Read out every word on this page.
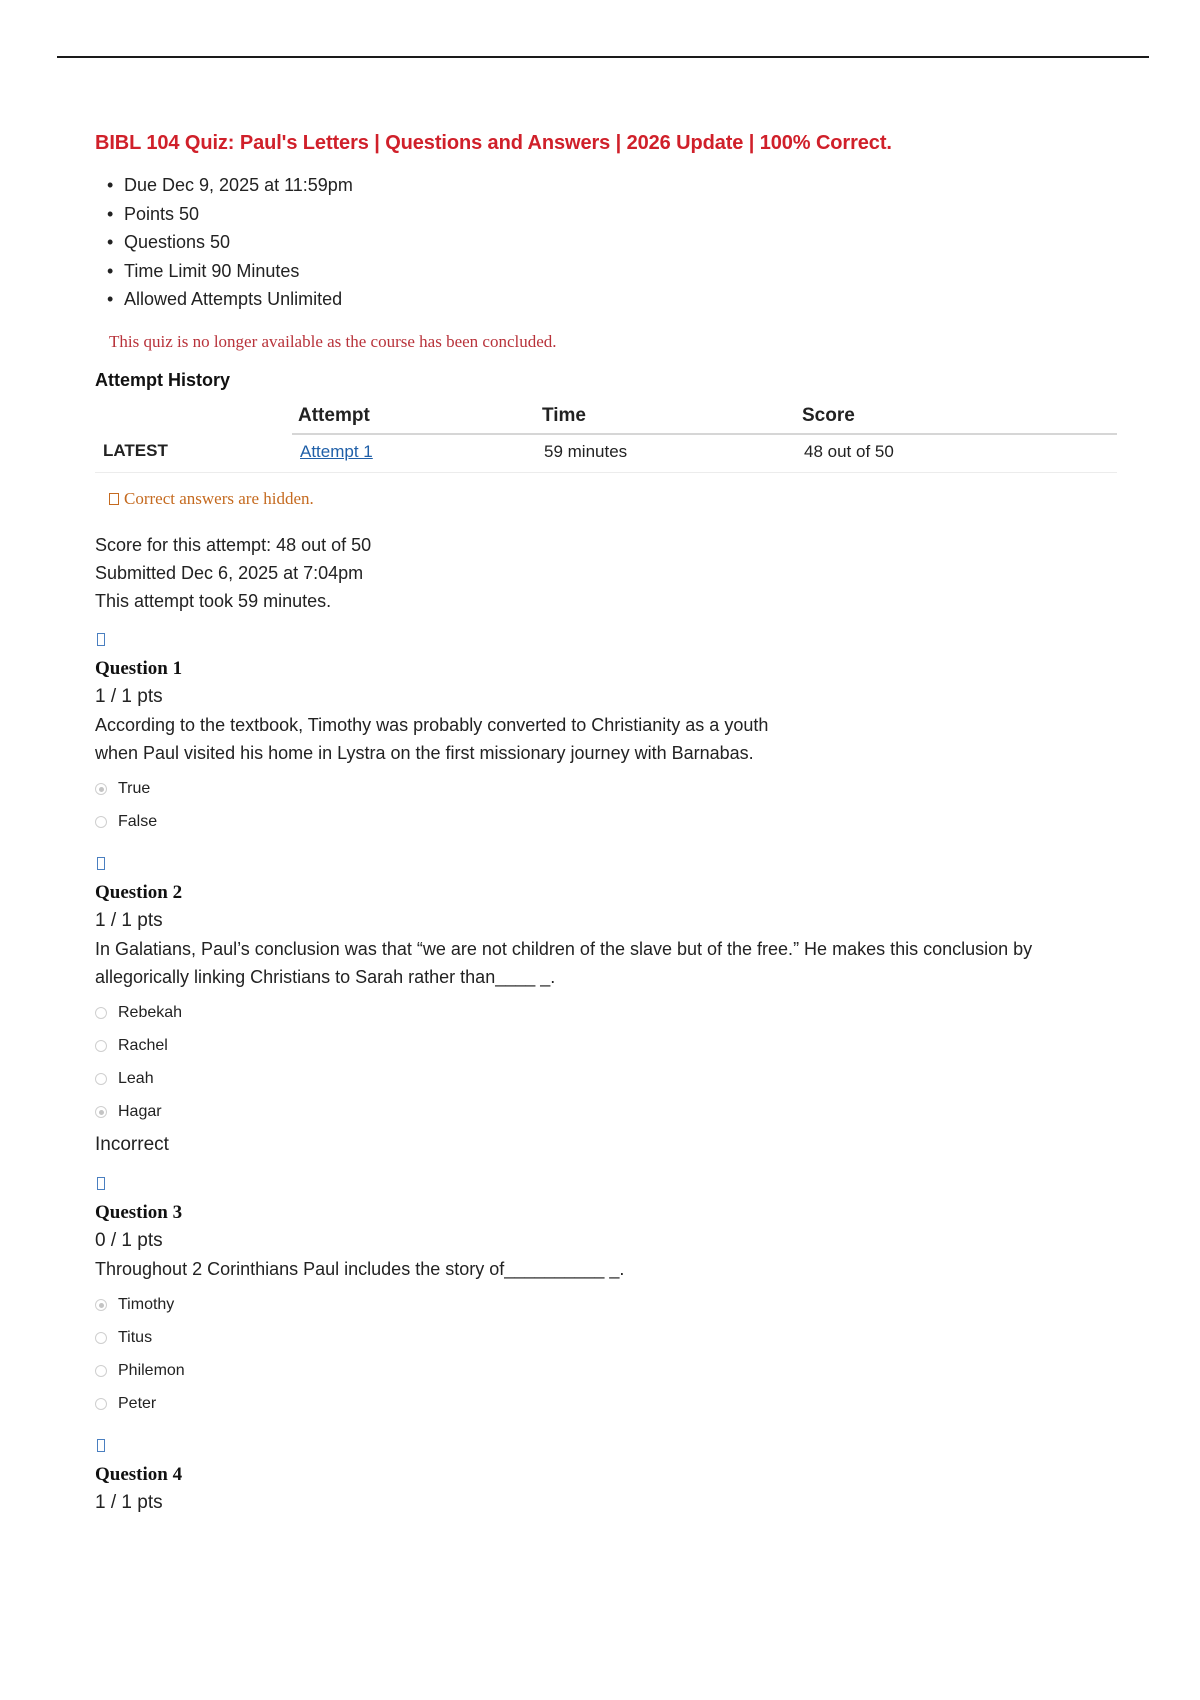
BIBL 104 Quiz: Paul's Letters | Questions and Answers | 2026 Update | 100% Correct.
• Due Dec 9, 2025 at 11:59pm
• Points 50
• Questions 50
• Time Limit 90 Minutes
• Allowed Attempts Unlimited
This quiz is no longer available as the course has been concluded.
Attempt History
	Attempt	Time	Score
LATEST	Attempt 1	59 minutes	48 out of 50
Correct answers are hidden.
Score for this attempt: 48 out of 50
Submitted Dec 6, 2025 at 7:04pm
This attempt took 59 minutes.
Question 1
1 / 1 pts
According to the textbook, Timothy was probably converted to Christianity as a youth when Paul visited his home in Lystra on the first missionary journey with Barnabas.
True
False
Question 2
1 / 1 pts
In Galatians, Paul’s conclusion was that “we are not children of the slave but of the free.” He makes this conclusion by allegorically linking Christians to Sarah rather than____ _.
Rebekah
Rachel
Leah
Hagar
Incorrect
Question 3
0 / 1 pts
Throughout 2 Corinthians Paul includes the story of__________ _.
Timothy
Titus
Philemon
Peter
Question 4
1 / 1 pts
